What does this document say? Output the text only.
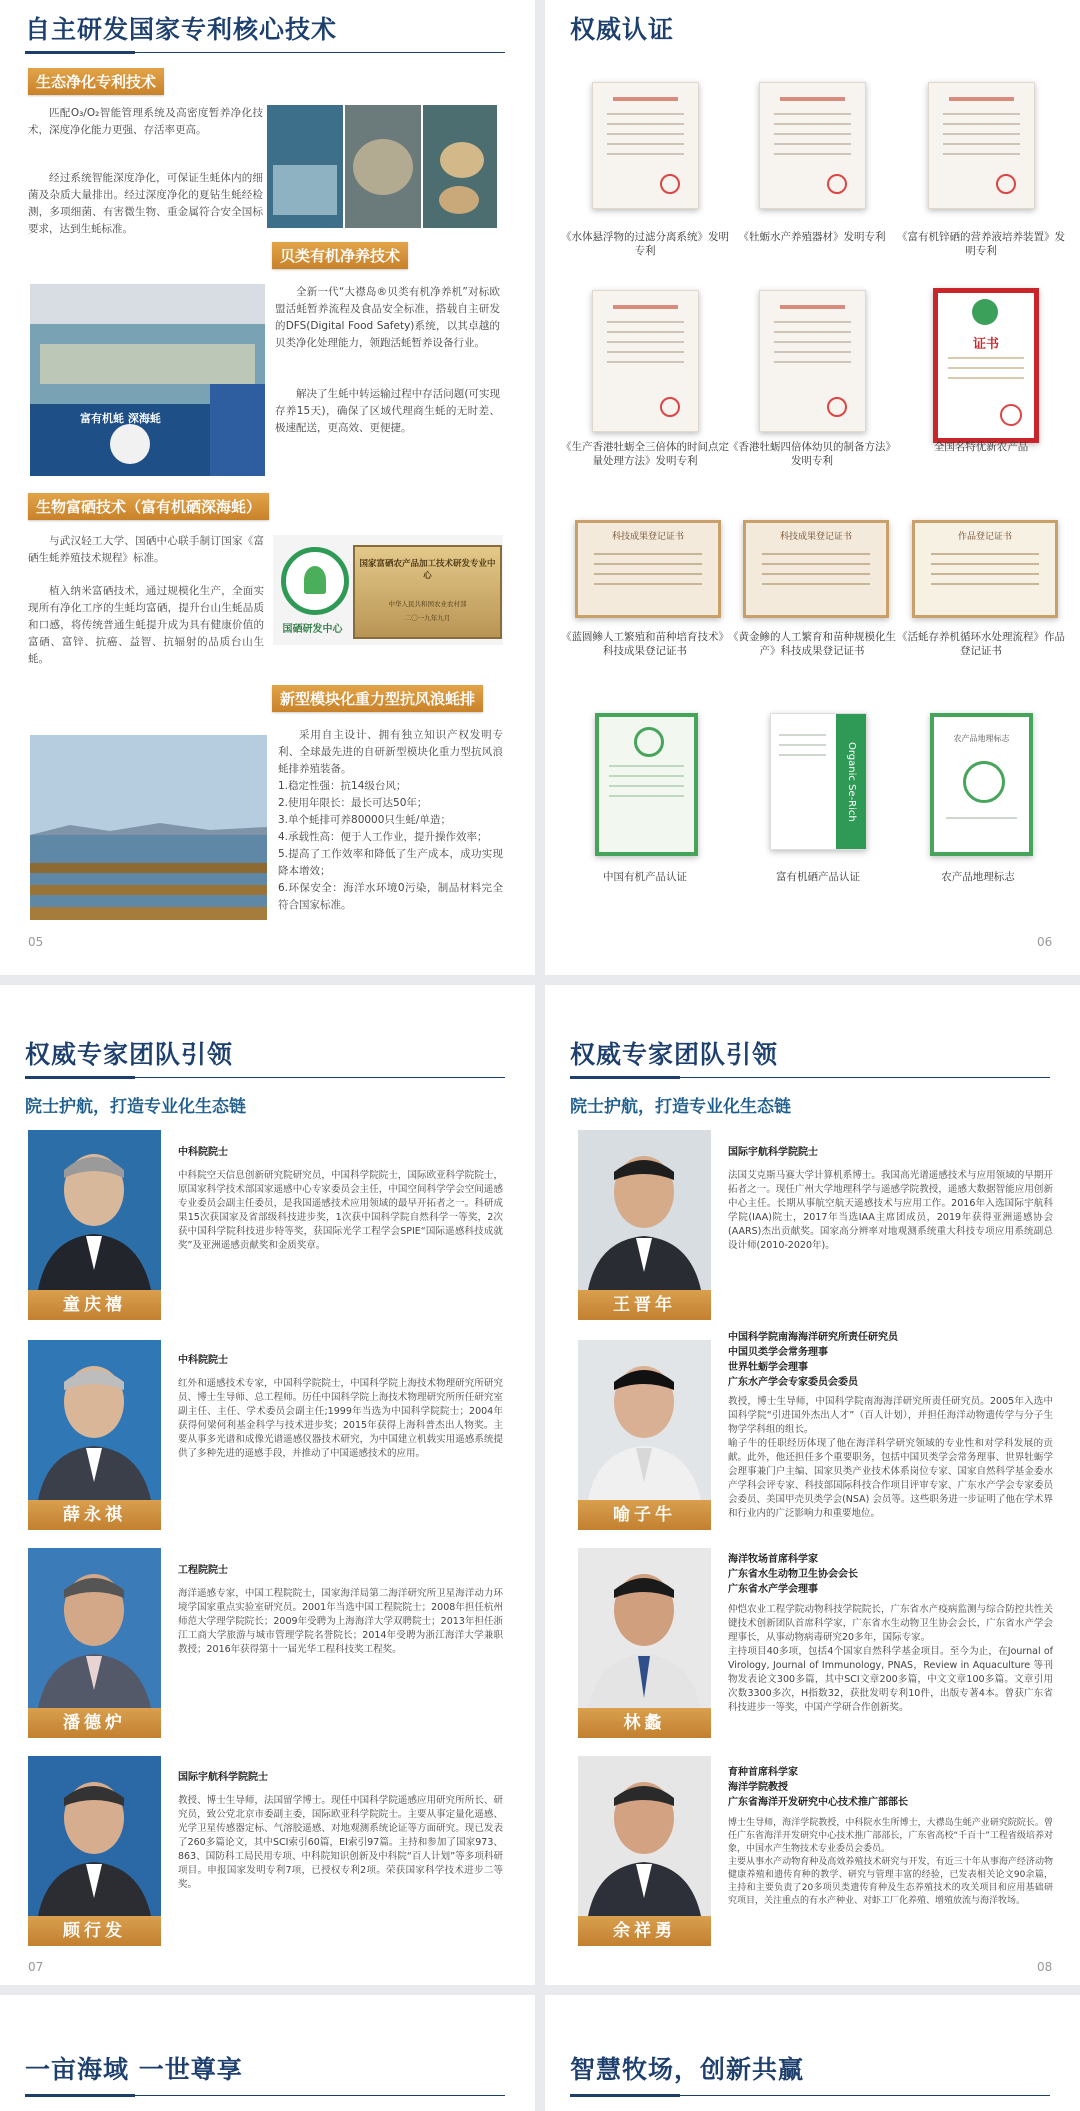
自主研发国家专利核心技术
生态净化专利技术
匹配O₃/O₂智能管理系统及高密度暂养净化技术，深度净化能力更强、存活率更高。
经过系统智能深度净化，可保证生蚝体内的细菌及杂质大量排出。经过深度净化的夏钻生蚝经检测，多项细菌、有害微生物、重金属符合安全国标要求，达到生蚝标准。
贝类有机净养技术
富有机蚝 深海蚝
全新一代“大襟岛®贝类有机净养机”对标欧盟活蚝暂养流程及食品安全标准，搭载自主研发的DFS(Digital Food Safety)系统，以其卓越的贝类净化处理能力，领跑活蚝暂养设备行业。
解决了生蚝中转运输过程中存活问题(可实现存养15天)，确保了区域代理商生蚝的无时差、极速配送，更高效、更便捷。
生物富硒技术（富有机硒深海蚝）
与武汉轻工大学、国硒中心联手制订国家《富硒生蚝养殖技术规程》标准。
植入纳米富硒技术，通过规模化生产，全面实现所有净化工序的生蚝均富硒，提升台山生蚝品质和口感，将传统普通生蚝提升成为具有健康价值的富硒、富锌、抗癌、益智、抗辐射的品质台山生蚝。
国硒研发中心
国家富硒农产品加工技术研发专业中心
中华人民共和国农业农村部
二〇一九年九月
新型模块化重力型抗风浪蚝排
采用自主设计、拥有独立知识产权发明专利、全球最先进的自研新型模块化重力型抗风浪蚝排养殖装备。
1.稳定性强：抗14级台风；
2.使用年限长：最长可达50年；
3.单个蚝排可养80000只生蚝/单造；
4.承载性高：便于人工作业，提升操作效率；
5.提高了工作效率和降低了生产成本，成功实现降本增效；
6.环保安全：海洋水环境0污染，制品材料完全符合国家标准。
05
权威认证
《水体悬浮物的过滤分离系统》发明专利
《牡蛎水产养殖器材》发明专利	《富有机锌硒的营养液培养装置》发明专利
证书
《生产香港牡蛎全三倍体的时间点定量处理方法》发明专利
《香港牡蛎四倍体幼贝的制备方法》发明专利
全国名特优新农产品
科技成果登记证书	科技成果登记证书	作品登记证书
《蓝圆鲹人工繁殖和苗种培育技术》科技成果登记证书
《黄金鲹的人工繁育和苗种规模化生产》科技成果登记证书
《活蚝存养机循环水处理流程》作品登记证书
Organic Se-Rich
农产品地理标志
中国有机产品认证	富有机硒产品认证	农产品地理标志
06
权威专家团队引领
院士护航，打造专业化生态链
童庆禧
中科院院士
中科院空天信息创新研究院研究员，中国科学院院士，国际欧亚科学院院士，原国家科学技术部国家遥感中心专家委员会主任，中国空间科学学会空间遥感专业委员会副主任委员，是我国遥感技术应用领域的最早开拓者之一。科研成果15次获国家及省部级科技进步奖，1次获中国科学院自然科学一等奖，2次获中国科学院科技进步特等奖，获国际光学工程学会SPIE“国际遥感科技成就奖”及亚洲遥感贡献奖和金质奖章。
薛永祺
中科院院士
红外和遥感技术专家，中国科学院院士，中国科学院上海技术物理研究所研究员、博士生导师、总工程师。历任中国科学院上海技术物理研究所所任研究室副主任、主任、学术委员会副主任;1999年当选为中国科学院院士；2004年获得何梁何利基金科学与技术进步奖；2015年获得上海科普杰出人物奖。主要从事多光谱和成像光谱遥感仪器技术研究，为中国建立机载实用遥感系统提供了多种先进的遥感手段，并推动了中国遥感技术的应用。
潘德炉
工程院院士
海洋遥感专家，中国工程院院士，国家海洋局第二海洋研究所卫星海洋动力环境学国家重点实验室研究员。2001年当选中国工程院院士；2008年担任杭州师范大学理学院院长；2009年受聘为上海海洋大学双聘院士；2013年担任浙江工商大学旅游与城市管理学院名誉院长；2014年受聘为浙江海洋大学兼职教授；2016年获得第十一届光华工程科技奖工程奖。
顾行发
国际宇航科学院院士
教授、博士生导师，法国留学博士。现任中国科学院遥感应用研究所所长、研究员，致公党北京市委副主委，国际欧亚科学院院士。主要从事定量化遥感、光学卫星传感器定标、气溶胶遥感、对地观测系统论证等方面研究。现已发表了260多篇论文，其中SCI索引60篇，EI索引97篇。主持和参加了国家973、863、国防科工局民用专项、中科院知识创新及中科院“百人计划”等多项科研项目。申报国家发明专利7项，已授权专利2项。荣获国家科学技术进步二等奖。
07
权威专家团队引领
院士护航，打造专业化生态链
王晋年
国际宇航科学院院士
法国艾克斯马赛大学计算机系博士。我国高光谱遥感技术与应用领域的早期开拓者之一。现任广州大学地理科学与遥感学院教授，遥感大数据智能应用创新中心主任。长期从事航空航天遥感技术与应用工作。2016年入选国际宇航科学院(IAA)院士，2017年当选IAA主席团成员，2019年获得亚洲遥感协会(AARS)杰出贡献奖。国家高分辨率对地观测系统重大科技专项应用系统副总设计师(2010-2020年)。
喻子牛
中国科学院南海海洋研究所责任研究员
中国贝类学会常务理事
世界牡蛎学会理事
广东水产学会专家委员会委员
教授，博士生导师，中国科学院南海海洋研究所责任研究员。2005年入选中国科学院“引进国外杰出人才”（百人计划），并担任海洋动物遗传学与分子生物学学科组的组长。
喻子牛的任职经历体现了他在海洋科学研究领域的专业性和对学科发展的贡献。此外，他还担任多个重要职务，包括中国贝类学会常务理事、世界牡蛎学会理事兼门户主编、国家贝类产业技术体系岗位专家、国家自然科学基金委水产学科会评专家、科技部国际科技合作项目评审专家、广东水产学会专家委员会委员、美国甲壳贝类学会(NSA) 会员等。这些职务进一步证明了他在学术界和行业内的广泛影响力和重要地位。
林蠡
海洋牧场首席科学家
广东省水生动物卫生协会会长
广东省水产学会理事
仲恺农业工程学院动物科技学院院长，广东省水产疫病监测与综合防控共性关键技术创新团队首席科学家，广东省水生动物卫生协会会长，广东省水产学会理事长，从事动物病毒研究20多年，国际专家。
主持项目40多项，包括4个国家自然科学基金项目。至今为止，在Journal of Virology, Journal of Immunology, PNAS，Review in Aquaculture 等刊物发表论文300多篇，其中SCI文章200多篇，中文文章100多篇。文章引用次数3300多次，H指数32，获批发明专利10件，出版专著4本。曾获广东省科技进步一等奖，中国产学研合作创新奖。
余祥勇
育种首席科学家
海洋学院教授
广东省海洋开发研究中心技术推广部部长
博士生导师，海洋学院教授，中科院水生所博士，大襟岛生蚝产业研究院院长。曾任广东省海洋开发研究中心技术推广部部长，广东省高校“千百十”工程省级培养对象，中国水产生物技术专业委员会委员。
主要从事水产动物育种及高效养殖技术研究与开发，有近三十年从事海产经济动物健康养殖和遗传育种的教学、研究与管理丰富的经验，已发表相关论文90余篇，主持和主要负责了20多项贝类遗传育种及生态养殖技术的攻关项目和应用基础研究项目，关注重点的有水产种业、对虾工厂化养殖、增殖放流与海洋牧场。
08
一亩海域 一世尊享	智慧牧场，创新共赢
